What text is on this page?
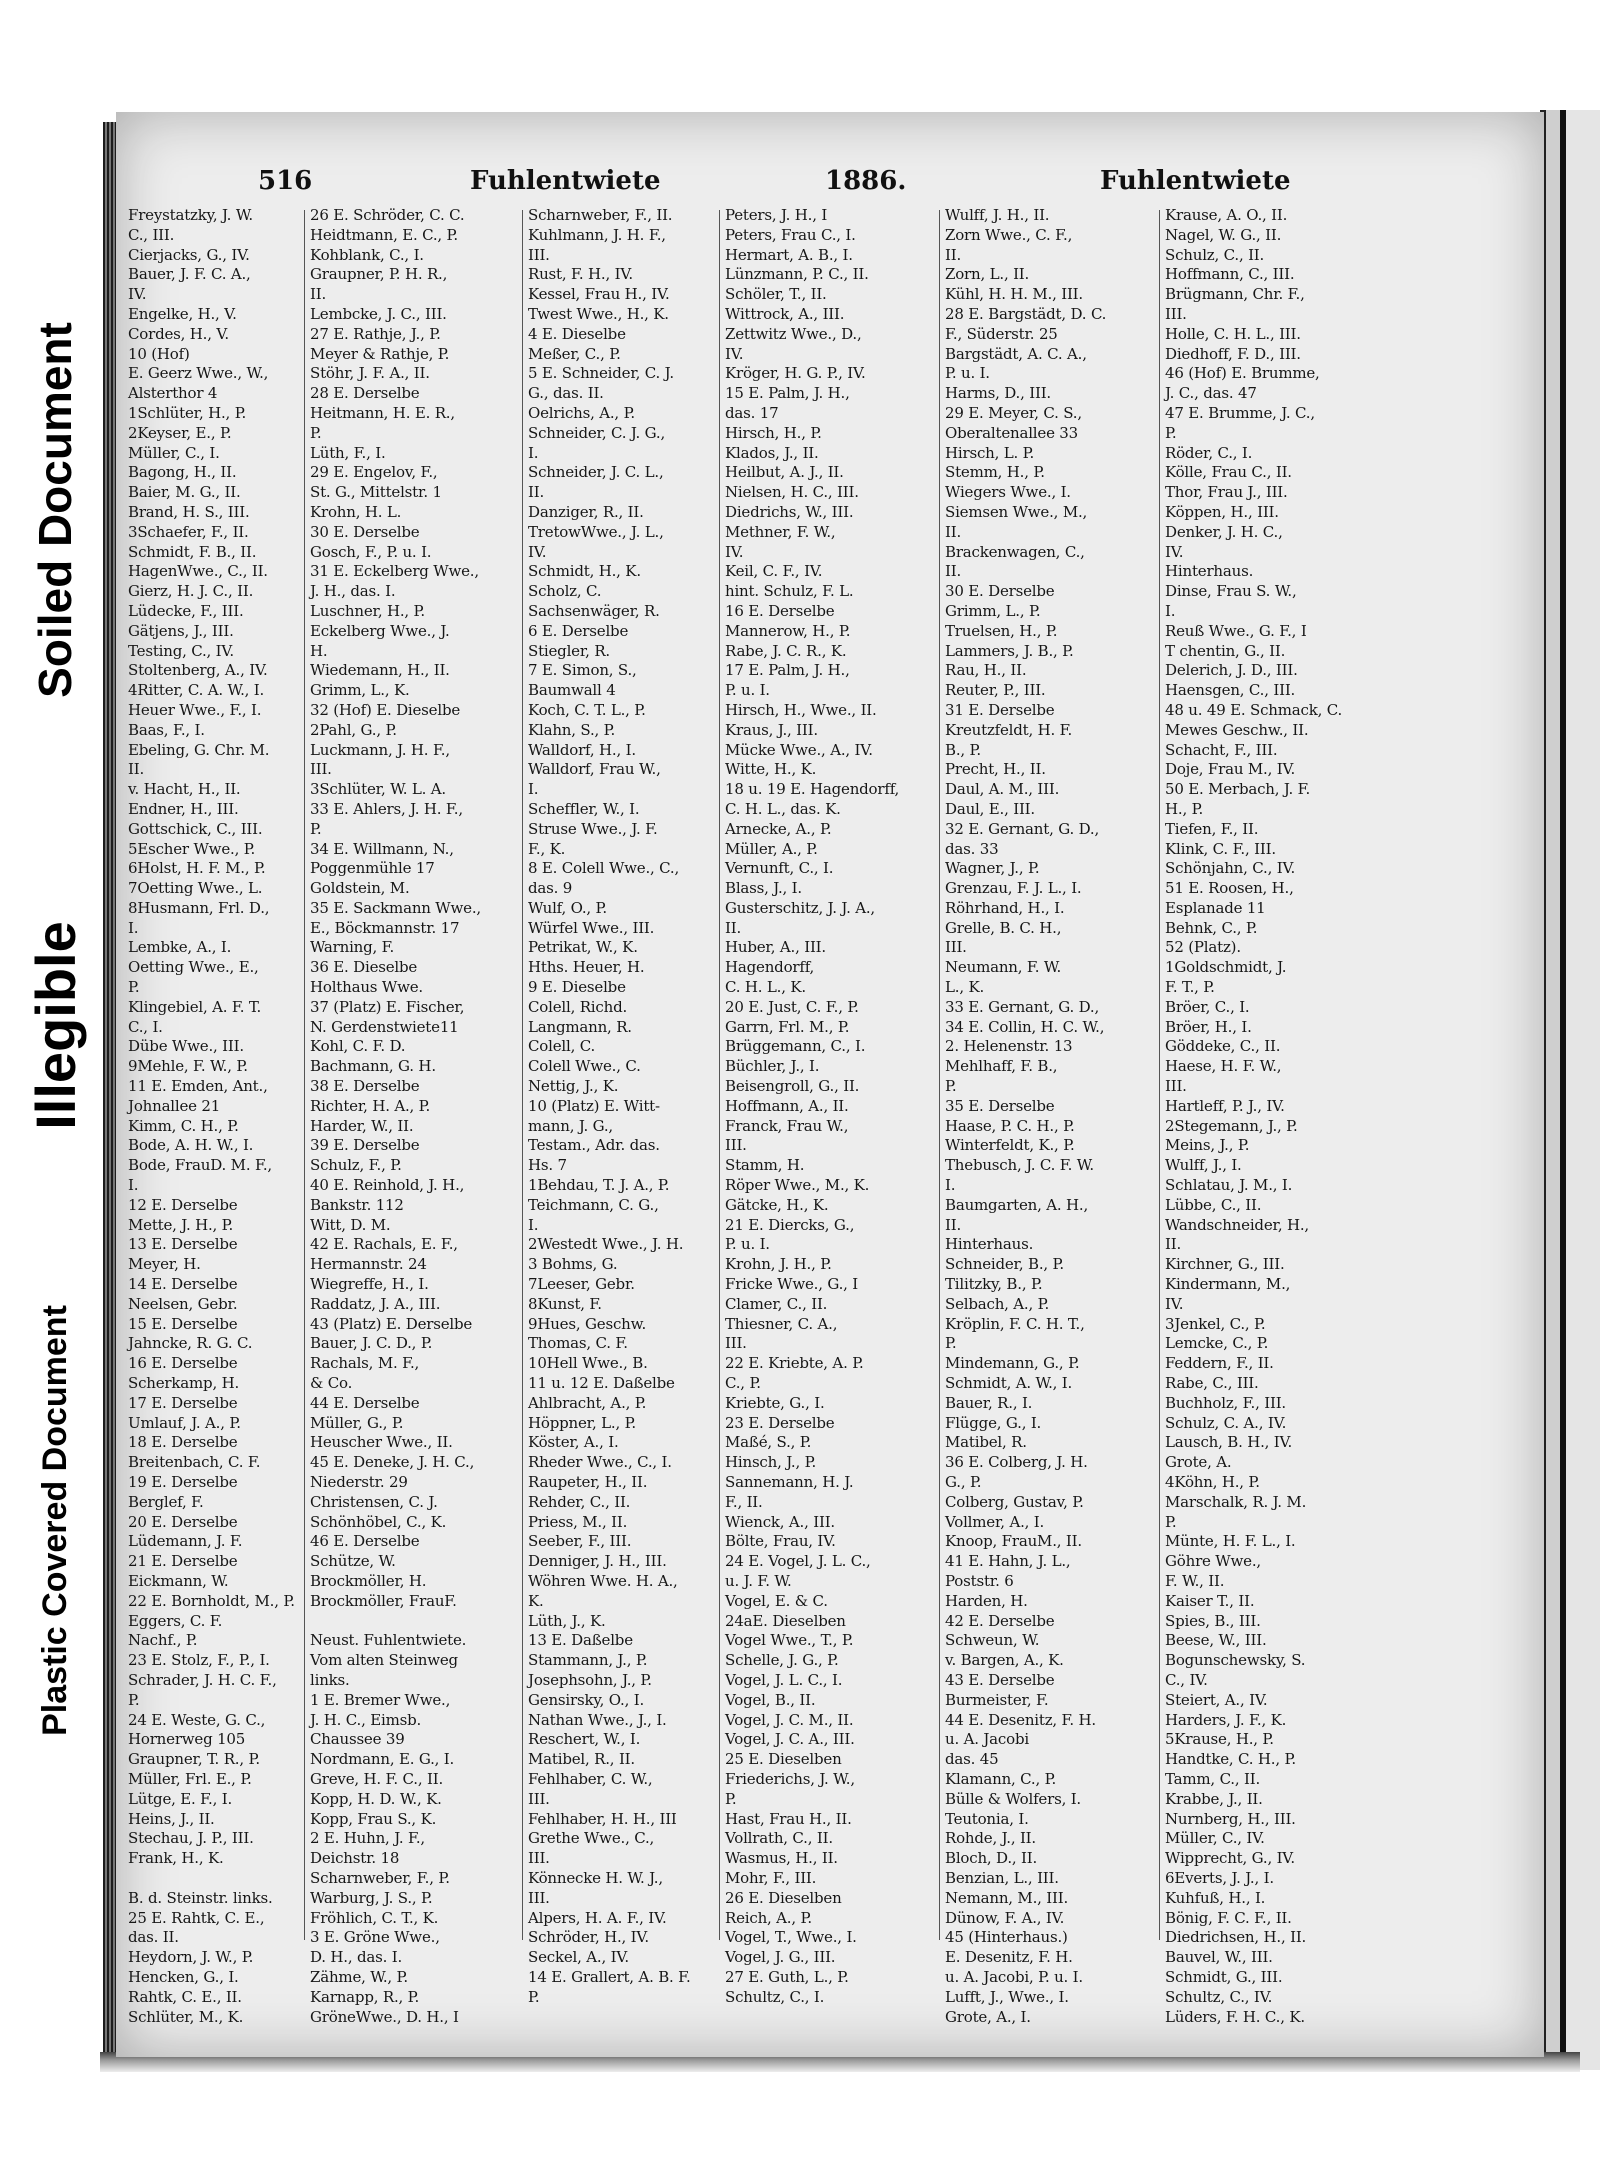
Soiled Document
Illegible
Plastic Covered Document
516	Fuhlentwiete	1886.	Fuhlentwiete
Freystatzky, J. W.
C., III.
Cierjacks, G., IV.
Bauer, J. F. C. A.,
IV.
Engelke, H., V.
Cordes, H., V.
10 (Hof)
E. Geerz Wwe., W.,
Alsterthor 4
1Schlüter, H., P.
2Keyser, E., P.
Müller, C., I.
Bagong, H., II.
Baier, M. G., II.
Brand, H. S., III.
3Schaefer, F., II.
Schmidt, F. B., II.
HagenWwe., C., II.
Gierz, H. J. C., II.
Lüdecke, F., III.
Gätjens, J., III.
Testing, C., IV.
Stoltenberg, A., IV.
4Ritter, C. A. W., I.
Heuer Wwe., F., I.
Baas, F., I.
Ebeling, G. Chr. M.
II.
v. Hacht, H., II.
Endner, H., III.
Gottschick, C., III.
5Escher Wwe., P.
6Holst, H. F. M., P.
7Oetting Wwe., L.
8Husmann, Frl. D.,
I.
Lembke, A., I.
Oetting Wwe., E.,
P.
Klingebiel, A. F. T.
C., I.
Dübe Wwe., III.
9Mehle, F. W., P.
11 E. Emden, Ant.,
Johnallee 21
Kimm, C. H., P.
Bode, A. H. W., I.
Bode, FrauD. M. F.,
I.
12 E. Derselbe
Mette, J. H., P.
13 E. Derselbe
Meyer, H.
14 E. Derselbe
Neelsen, Gebr.
15 E. Derselbe
Jahncke, R. G. C.
16 E. Derselbe
Scherkamp, H.
17 E. Derselbe
Umlauf, J. A., P.
18 E. Derselbe
Breitenbach, C. F.
19 E. Derselbe
Berglef, F.
20 E. Derselbe
Lüdemann, J. F.
21 E. Derselbe
Eickmann, W.
22 E. Bornholdt, M., P.
Eggers, C. F.
Nachf., P.
23 E. Stolz, F., P., I.
Schrader, J. H. C. F.,
P.
24 E. Weste, G. C.,
Hornerweg 105
Graupner, T. R., P.
Müller, Frl. E., P.
Lütge, E. F., I.
Heins, J., II.
Stechau, J. P., III.
Frank, H., K.
B. d. Steinstr. links.
25 E. Rahtk, C. E.,
das. II.
Heydorn, J. W., P.
Hencken, G., I.
Rahtk, C. E., II.
Schlüter, M., K.
26 E. Schröder, C. C.
Heidtmann, E. C., P.
Kohblank, C., I.
Graupner, P. H. R.,
II.
Lembcke, J. C., III.
27 E. Rathje, J., P.
Meyer & Rathje, P.
Stöhr, J. F. A., II.
28 E. Derselbe
Heitmann, H. E. R.,
P.
Lüth, F., I.
29 E. Engelov, F.,
St. G., Mittelstr. 1
Krohn, H. L.
30 E. Derselbe
Gosch, F., P. u. I.
31 E. Eckelberg Wwe.,
J. H., das. I.
Luschner, H., P.
Eckelberg Wwe., J.
H.
Wiedemann, H., II.
Grimm, L., K.
32 (Hof) E. Dieselbe
2Pahl, G., P.
Luckmann, J. H. F.,
III.
3Schlüter, W. L. A.
33 E. Ahlers, J. H. F.,
P.
34 E. Willmann, N.,
Poggenmühle 17
Goldstein, M.
35 E. Sackmann Wwe.,
E., Böckmannstr. 17
Warning, F.
36 E. Dieselbe
Holthaus Wwe.
37 (Platz) E. Fischer,
N. Gerdenstwiete11
Kohl, C. F. D.
Bachmann, G. H.
38 E. Derselbe
Richter, H. A., P.
Harder, W., II.
39 E. Derselbe
Schulz, F., P.
40 E. Reinhold, J. H.,
Bankstr. 112
Witt, D. M.
42 E. Rachals, E. F.,
Hermannstr. 24
Wiegreffe, H., I.
Raddatz, J. A., III.
43 (Platz) E. Derselbe
Bauer, J. C. D., P.
Rachals, M. F.,
& Co.
44 E. Derselbe
Müller, G., P.
Heuscher Wwe., II.
45 E. Deneke, J. H. C.,
Niederstr. 29
Christensen, C. J.
Schönhöbel, C., K.
46 E. Derselbe
Schütze, W.
Brockmöller, H.
Brockmöller, FrauF.
Neust. Fuhlentwiete.
Vom alten Steinweg
links.
1 E. Bremer Wwe.,
J. H. C., Eimsb.
Chaussee 39
Nordmann, E. G., I.
Greve, H. F. C., II.
Kopp, H. D. W., K.
Kopp, Frau S., K.
2 E. Huhn, J. F.,
Deichstr. 18
Scharnweber, F., P.
Warburg, J. S., P.
Fröhlich, C. T., K.
3 E. Gröne Wwe.,
D. H., das. I.
Zähme, W., P.
Karnapp, R., P.
GröneWwe., D. H., I
Scharnweber, F., II.
Kuhlmann, J. H. F.,
III.
Rust, F. H., IV.
Kessel, Frau H., IV.
Twest Wwe., H., K.
4 E. Dieselbe
Meßer, C., P.
5 E. Schneider, C. J.
G., das. II.
Oelrichs, A., P.
Schneider, C. J. G.,
I.
Schneider, J. C. L.,
II.
Danziger, R., II.
TretowWwe., J. L.,
IV.
Schmidt, H., K.
Scholz, C.
Sachsenwäger, R.
6 E. Derselbe
Stiegler, R.
7 E. Simon, S.,
Baumwall 4
Koch, C. T. L., P.
Klahn, S., P.
Walldorf, H., I.
Walldorf, Frau W.,
I.
Scheffler, W., I.
Struse Wwe., J. F.
F., K.
8 E. Colell Wwe., C.,
das. 9
Wulf, O., P.
Würfel Wwe., III.
Petrikat, W., K.
Hths. Heuer, H.
9 E. Dieselbe
Colell, Richd.
Langmann, R.
Colell, C.
Colell Wwe., C.
Nettig, J., K.
10 (Platz) E. Witt-
mann, J. G.,
Testam., Adr. das.
Hs. 7
1Behdau, T. J. A., P.
Teichmann, C. G.,
I.
2Westedt Wwe., J. H.
3 Bohms, G.
7Leeser, Gebr.
8Kunst, F.
9Hues, Geschw.
Thomas, C. F.
10Hell Wwe., B.
11 u. 12 E. Daßelbe
Ahlbracht, A., P.
Höppner, L., P.
Köster, A., I.
Rheder Wwe., C., I.
Raupeter, H., II.
Rehder, C., II.
Priess, M., II.
Seeber, F., III.
Denniger, J. H., III.
Wöhren Wwe. H. A.,
K.
Lüth, J., K.
13 E. Daßelbe
Stammann, J., P.
Josephsohn, J., P.
Gensirsky, O., I.
Nathan Wwe., J., I.
Reschert, W., I.
Matibel, R., II.
Fehlhaber, C. W.,
III.
Fehlhaber, H. H., III
Grethe Wwe., C.,
III.
Könnecke H. W. J.,
III.
Alpers, H. A. F., IV.
Schröder, H., IV.
Seckel, A., IV.
14 E. Grallert, A. B. F.
P.
Peters, J. H., I
Peters, Frau C., I.
Hermart, A. B., I.
Lünzmann, P. C., II.
Schöler, T., II.
Wittrock, A., III.
Zettwitz Wwe., D.,
IV.
Kröger, H. G. P., IV.
15 E. Palm, J. H.,
das. 17
Hirsch, H., P.
Klados, J., II.
Heilbut, A. J., II.
Nielsen, H. C., III.
Diedrichs, W., III.
Methner, F. W.,
IV.
Keil, C. F., IV.
hint. Schulz, F. L.
16 E. Derselbe
Mannerow, H., P.
Rabe, J. C. R., K.
17 E. Palm, J. H.,
P. u. I.
Hirsch, H., Wwe., II.
Kraus, J., III.
Mücke Wwe., A., IV.
Witte, H., K.
18 u. 19 E. Hagendorff,
C. H. L., das. K.
Arnecke, A., P.
Müller, A., P.
Vernunft, C., I.
Blass, J., I.
Gusterschitz, J. J. A.,
II.
Huber, A., III.
Hagendorff,
C. H. L., K.
20 E. Just, C. F., P.
Garrn, Frl. M., P.
Brüggemann, C., I.
Büchler, J., I.
Beisengroll, G., II.
Hoffmann, A., II.
Franck, Frau W.,
III.
Stamm, H.
Röper Wwe., M., K.
Gätcke, H., K.
21 E. Diercks, G.,
P. u. I.
Krohn, J. H., P.
Fricke Wwe., G., I
Clamer, C., II.
Thiesner, C. A.,
III.
22 E. Kriebte, A. P.
C., P.
Kriebte, G., I.
23 E. Derselbe
Maßé, S., P.
Hinsch, J., P.
Sannemann, H. J.
F., II.
Wienck, A., III.
Bölte, Frau, IV.
24 E. Vogel, J. L. C.,
u. J. F. W.
Vogel, E. & C.
24aE. Dieselben
Vogel Wwe., T., P.
Schelle, J. G., P.
Vogel, J. L. C., I.
Vogel, B., II.
Vogel, J. C. M., II.
Vogel, J. C. A., III.
25 E. Dieselben
Friederichs, J. W.,
P.
Hast, Frau H., II.
Vollrath, C., II.
Wasmus, H., II.
Mohr, F., III.
26 E. Dieselben
Reich, A., P.
Vogel, T., Wwe., I.
Vogel, J. G., III.
27 E. Guth, L., P.
Schultz, C., I.
Wulff, J. H., II.
Zorn Wwe., C. F.,
II.
Zorn, L., II.
Kühl, H. H. M., III.
28 E. Bargstädt, D. C.
F., Süderstr. 25
Bargstädt, A. C. A.,
P. u. I.
Harms, D., III.
29 E. Meyer, C. S.,
Oberaltenallee 33
Hirsch, L. P.
Stemm, H., P.
Wiegers Wwe., I.
Siemsen Wwe., M.,
II.
Brackenwagen, C.,
II.
30 E. Derselbe
Grimm, L., P.
Truelsen, H., P.
Lammers, J. B., P.
Rau, H., II.
Reuter, P., III.
31 E. Derselbe
Kreutzfeldt, H. F.
B., P.
Precht, H., II.
Daul, A. M., III.
Daul, E., III.
32 E. Gernant, G. D.,
das. 33
Wagner, J., P.
Grenzau, F. J. L., I.
Röhrhand, H., I.
Grelle, B. C. H.,
III.
Neumann, F. W.
L., K.
33 E. Gernant, G. D.,
34 E. Collin, H. C. W.,
2. Helenenstr. 13
Mehlhaff, F. B.,
P.
35 E. Derselbe
Haase, P. C. H., P.
Winterfeldt, K., P.
Thebusch, J. C. F. W.
I.
Baumgarten, A. H.,
II.
Hinterhaus.
Schneider, B., P.
Tilitzky, B., P.
Selbach, A., P.
Kröplin, F. C. H. T.,
P.
Mindemann, G., P.
Schmidt, A. W., I.
Bauer, R., I.
Flügge, G., I.
Matibel, R.
36 E. Colberg, J. H.
G., P.
Colberg, Gustav, P.
Vollmer, A., I.
Knoop, FrauM., II.
41 E. Hahn, J. L.,
Poststr. 6
Harden, H.
42 E. Derselbe
Schweun, W.
v. Bargen, A., K.
43 E. Derselbe
Burmeister, F.
44 E. Desenitz, F. H.
u. A. Jacobi
das. 45
Klamann, C., P.
Bülle & Wolfers, I.
Teutonia, I.
Rohde, J., II.
Bloch, D., II.
Benzian, L., III.
Nemann, M., III.
Dünow, F. A., IV.
45 (Hinterhaus.)
E. Desenitz, F. H.
u. A. Jacobi, P. u. I.
Lufft, J., Wwe., I.
Grote, A., I.
Krause, A. O., II.
Nagel, W. G., II.
Schulz, C., II.
Hoffmann, C., III.
Brügmann, Chr. F.,
III.
Holle, C. H. L., III.
Diedhoff, F. D., III.
46 (Hof) E. Brumme,
J. C., das. 47
47 E. Brumme, J. C.,
P.
Röder, C., I.
Kölle, Frau C., II.
Thor, Frau J., III.
Köppen, H., III.
Denker, J. H. C.,
IV.
Hinterhaus.
Dinse, Frau S. W.,
I.
Reuß Wwe., G. F., I
T chentin, G., II.
Delerich, J. D., III.
Haensgen, C., III.
48 u. 49 E. Schmack, C.
Mewes Geschw., II.
Schacht, F., III.
Doje, Frau M., IV.
50 E. Merbach, J. F.
H., P.
Tiefen, F., II.
Klink, C. F., III.
Schönjahn, C., IV.
51 E. Roosen, H.,
Esplanade 11
Behnk, C., P.
52 (Platz).
1Goldschmidt, J.
F. T., P.
Bröer, C., I.
Bröer, H., I.
Göddeke, C., II.
Haese, H. F. W.,
III.
Hartleff, P. J., IV.
2Stegemann, J., P.
Meins, J., P.
Wulff, J., I.
Schlatau, J. M., I.
Lübbe, C., II.
Wandschneider, H.,
II.
Kirchner, G., III.
Kindermann, M.,
IV.
3Jenkel, C., P.
Lemcke, C., P.
Feddern, F., II.
Rabe, C., III.
Buchholz, F., III.
Schulz, C. A., IV.
Lausch, B. H., IV.
Grote, A.
4Köhn, H., P.
Marschalk, R. J. M.
P.
Münte, H. F. L., I.
Göhre Wwe.,
F. W., II.
Kaiser T., II.
Spies, B., III.
Beese, W., III.
Bogunschewsky, S.
C., IV.
Steiert, A., IV.
Harders, J. F., K.
5Krause, H., P.
Handtke, C. H., P.
Tamm, C., II.
Krabbe, J., II.
Nurnberg, H., III.
Müller, C., IV.
Wipprecht, G., IV.
6Everts, J. J., I.
Kuhfuß, H., I.
Bönig, F. C. F., II.
Diedrichsen, H., II.
Bauvel, W., III.
Schmidt, G., III.
Schultz, C., IV.
Lüders, F. H. C., K.
